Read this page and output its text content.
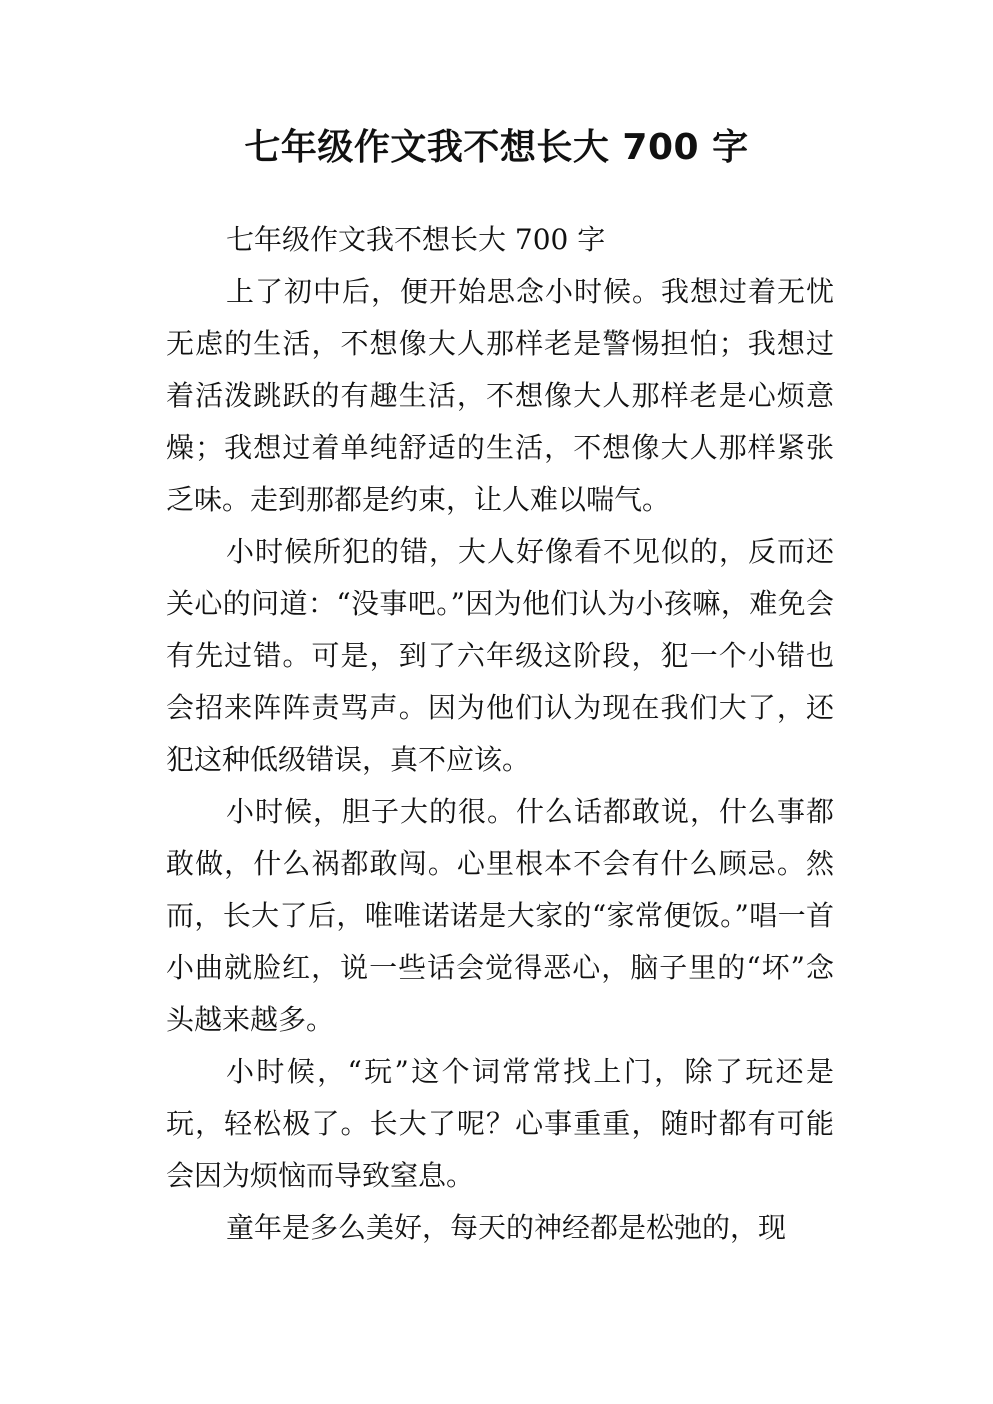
七年级作文我不想长大 700 字

七年级作文我不想长大 700 字

上了初中后，便开始思念小时候。我想过着无忧无虑的生活，不想像大人那样老是警惕担怕；我想过着活泼跳跃的有趣生活，不想像大人那样老是心烦意燥；我想过着单纯舒适的生活，不想像大人那样紧张乏味。走到那都是约束，让人难以喘气。

小时候所犯的错，大人好像看不见似的，反而还关心的问道：“没事吧。”因为他们认为小孩嘛，难免会有先过错。可是，到了六年级这阶段，犯一个小错也会招来阵阵责骂声。因为他们认为现在我们大了，还犯这种低级错误，真不应该。

小时候，胆子大的很。什么话都敢说，什么事都敢做，什么祸都敢闯。心里根本不会有什么顾忌。然而，长大了后，唯唯诺诺是大家的“家常便饭。”唱一首小曲就脸红，说一些话会觉得恶心，脑子里的“坏”念头越来越多。

小时候，“玩”这个词常常找上门，除了玩还是玩，轻松极了。长大了呢？心事重重，随时都有可能会因为烦恼而导致窒息。

童年是多么美好，每天的神经都是松弛的，现
